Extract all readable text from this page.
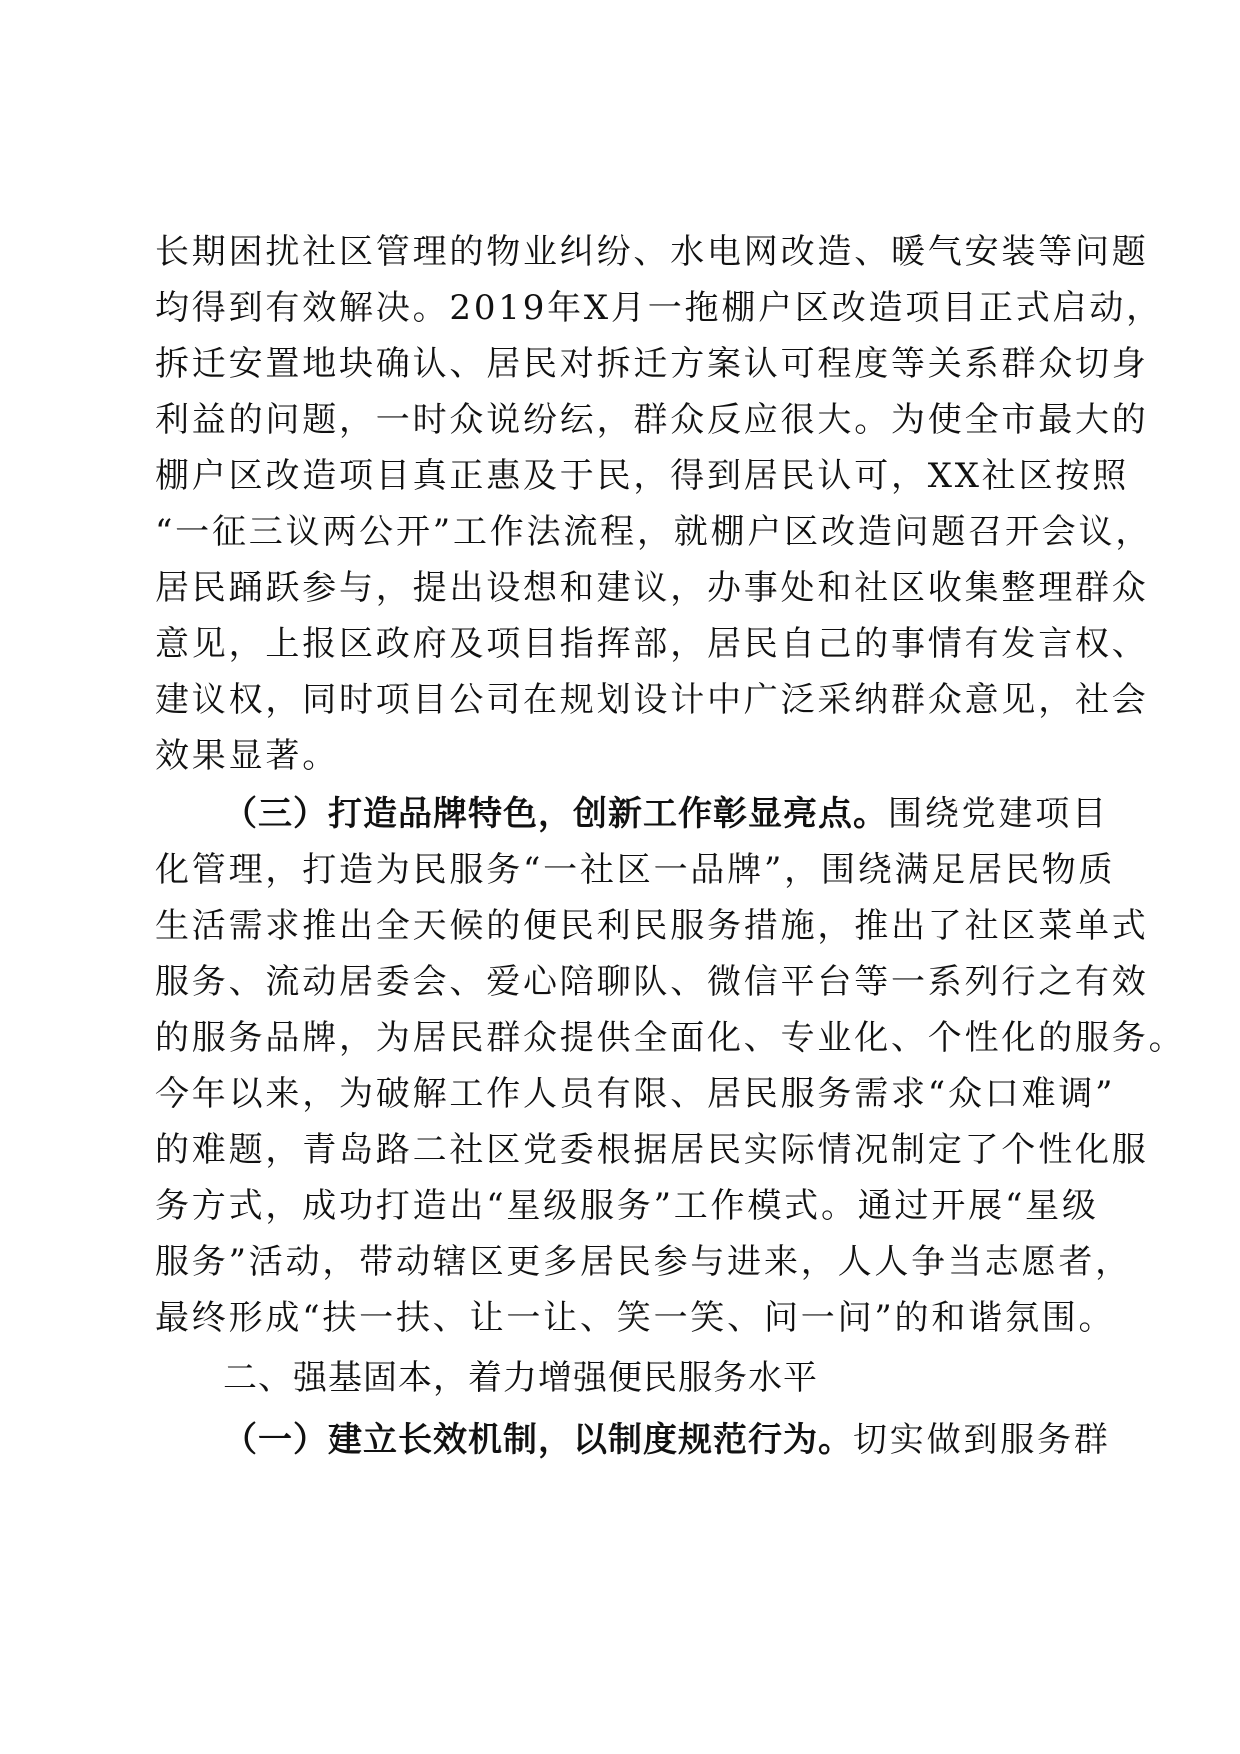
长期困扰社区管理的物业纠纷、水电网改造、暖气安装等问题
均得到有效解决。2019年X月一拖棚户区改造项目正式启动，
拆迁安置地块确认、居民对拆迁方案认可程度等关系群众切身
利益的问题，一时众说纷纭，群众反应很大。为使全市最大的
棚户区改造项目真正惠及于民，得到居民认可，XX社区按照
“一征三议两公开”工作法流程，就棚户区改造问题召开会议，
居民踊跃参与，提出设想和建议，办事处和社区收集整理群众
意见，上报区政府及项目指挥部，居民自己的事情有发言权、
建议权，同时项目公司在规划设计中广泛采纳群众意见，社会
效果显著。
（三）打造品牌特色，创新工作彰显亮点。围绕党建项目
化管理，打造为民服务“一社区一品牌”，围绕满足居民物质
生活需求推出全天候的便民利民服务措施，推出了社区菜单式
服务、流动居委会、爱心陪聊队、微信平台等一系列行之有效
的服务品牌，为居民群众提供全面化、专业化、个性化的服务。
今年以来，为破解工作人员有限、居民服务需求“众口难调”
的难题，青岛路二社区党委根据居民实际情况制定了个性化服
务方式，成功打造出“星级服务”工作模式。通过开展“星级
服务”活动，带动辖区更多居民参与进来，人人争当志愿者，
最终形成“扶一扶、让一让、笑一笑、问一问”的和谐氛围。
二、强基固本，着力增强便民服务水平
（一）建立长效机制，以制度规范行为。切实做到服务群
